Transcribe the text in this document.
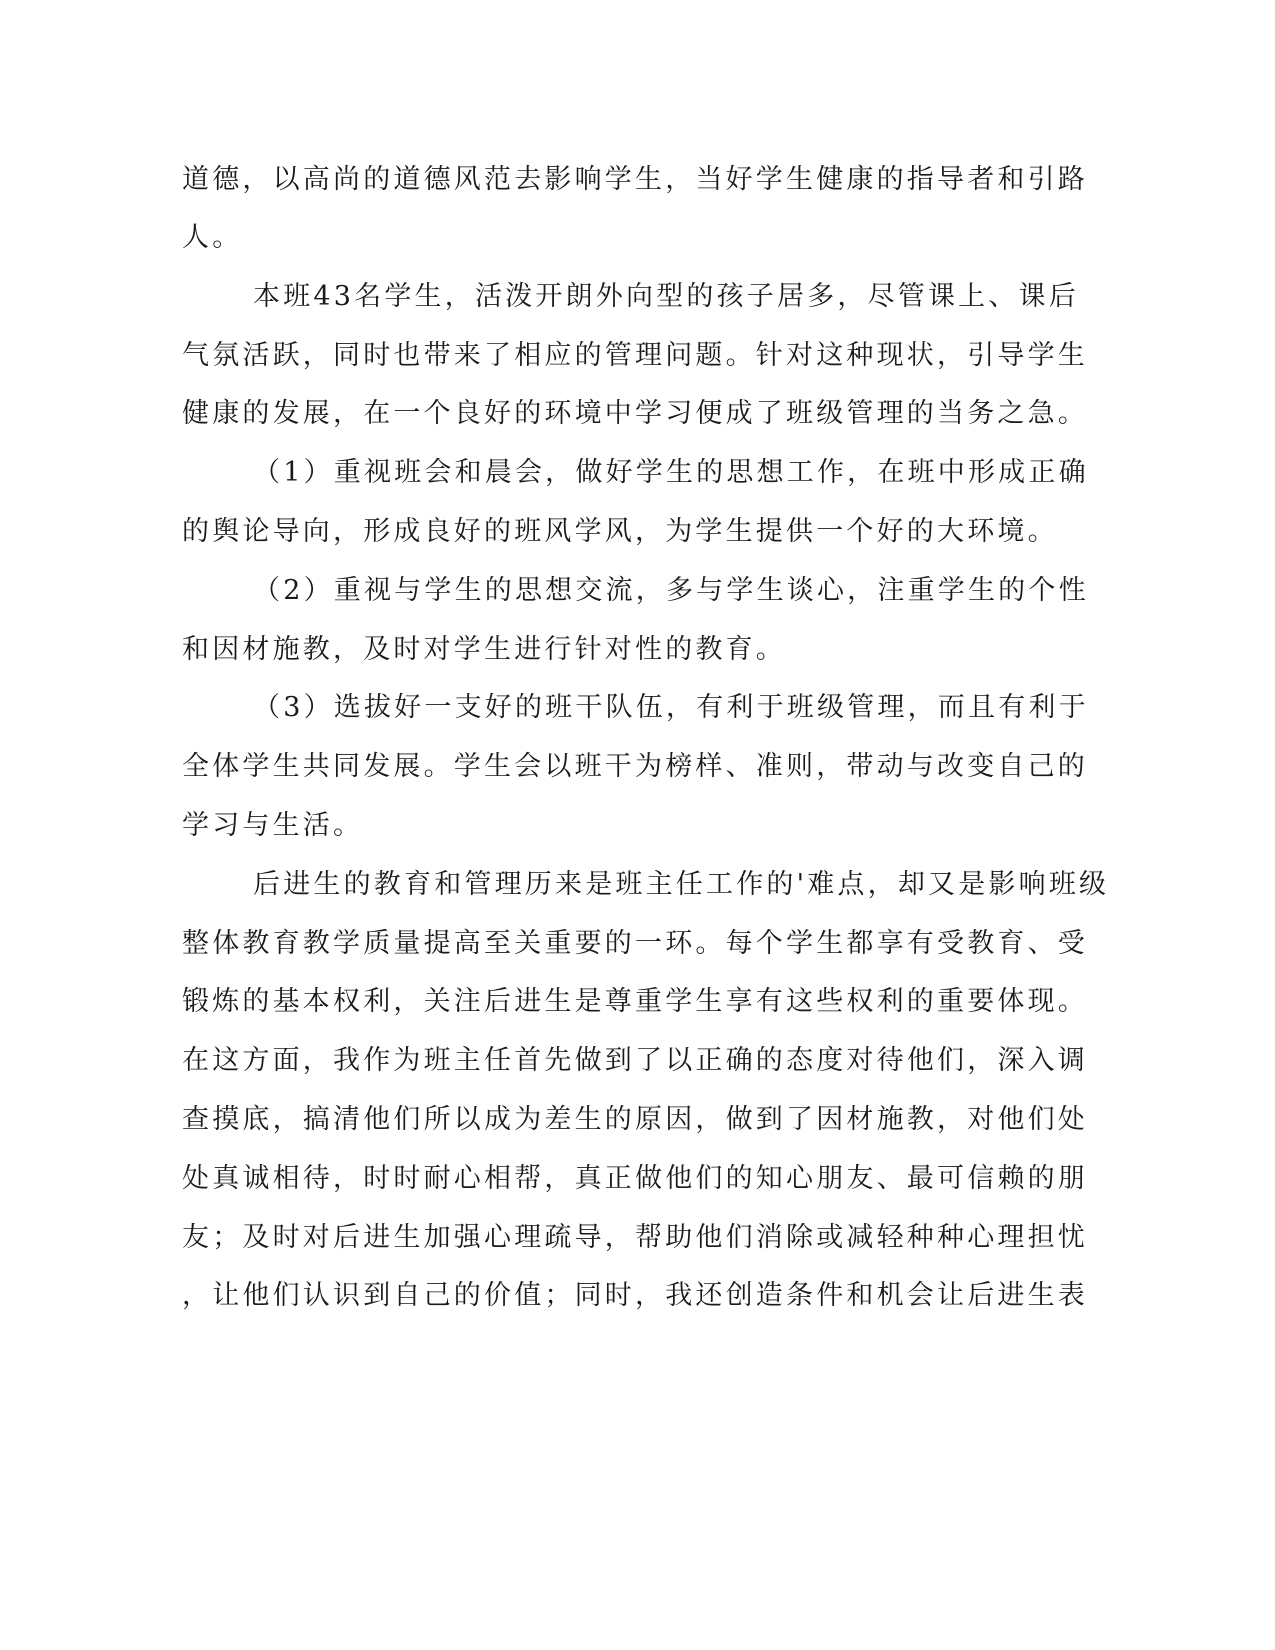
道德，以高尚的道德风范去影响学生，当好学生健康的指导者和引路
人。
本班43名学生，活泼开朗外向型的孩子居多，尽管课上、课后
气氛活跃，同时也带来了相应的管理问题。针对这种现状，引导学生
健康的发展，在一个良好的环境中学习便成了班级管理的当务之急。
（1）重视班会和晨会，做好学生的思想工作，在班中形成正确
的舆论导向，形成良好的班风学风，为学生提供一个好的大环境。
（2）重视与学生的思想交流，多与学生谈心，注重学生的个性
和因材施教，及时对学生进行针对性的教育。
（3）选拔好一支好的班干队伍，有利于班级管理，而且有利于
全体学生共同发展。学生会以班干为榜样、准则，带动与改变自己的
学习与生活。
后进生的教育和管理历来是班主任工作的'难点，却又是影响班级
整体教育教学质量提高至关重要的一环。每个学生都享有受教育、受
锻炼的基本权利，关注后进生是尊重学生享有这些权利的重要体现。
在这方面，我作为班主任首先做到了以正确的态度对待他们，深入调
查摸底，搞清他们所以成为差生的原因，做到了因材施教，对他们处
处真诚相待，时时耐心相帮，真正做他们的知心朋友、最可信赖的朋
友；及时对后进生加强心理疏导，帮助他们消除或减轻种种心理担忧
，让他们认识到自己的价值；同时，我还创造条件和机会让后进生表
